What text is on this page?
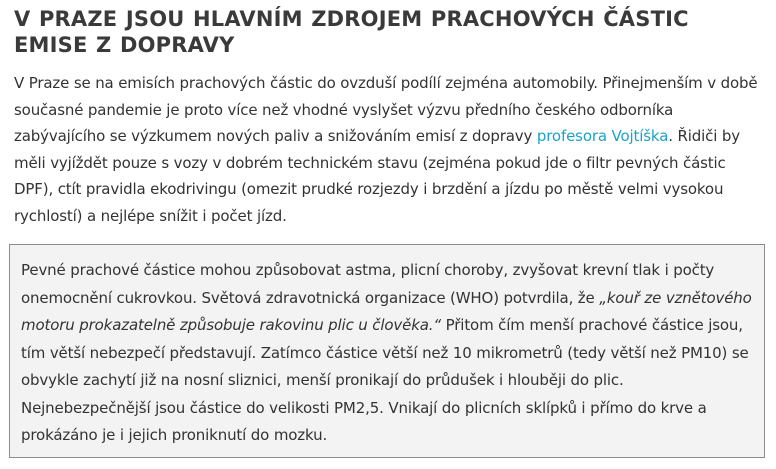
V PRAZE JSOU HLAVNÍM ZDROJEM PRACHOVÝCH ČÁSTIC EMISE Z DOPRAVY

V Praze se na emisích prachových částic do ovzduší podílí zejména automobily. Přinejmenším v době současné pandemie je proto více než vhodné vyslyšet výzvu předního českého odborníka zabývajícího se výzkumem nových paliv a snižováním emisí z dopravy profesora Vojtíška. Řidiči by měli vyjíždět pouze s vozy v dobrém technickém stavu (zejména pokud jde o filtr pevných částic DPF), ctít pravidla ekodrivingu (omezit prudké rozjezdy i brzdění a jízdu po městě velmi vysokou rychlostí) a nejlépe snížit i počet jízd.

Pevné prachové částice mohou způsobovat astma, plicní choroby, zvyšovat krevní tlak i počty onemocnění cukrovkou. Světová zdravotnická organizace (WHO) potvrdila, že „kouř ze vznětového motoru prokazatelně způsobuje rakovinu plic u člověka.“ Přitom čím menší prachové částice jsou, tím větší nebezpečí představují. Zatímco částice větší než 10 mikrometrů (tedy větší než PM10) se obvykle zachytí již na nosní sliznici, menší pronikají do průdušek i hlouběji do plic. Nejnebezpečnější jsou částice do velikosti PM2,5. Vnikají do plicních sklípků i přímo do krve a prokázáno je i jejich proniknutí do mozku.
